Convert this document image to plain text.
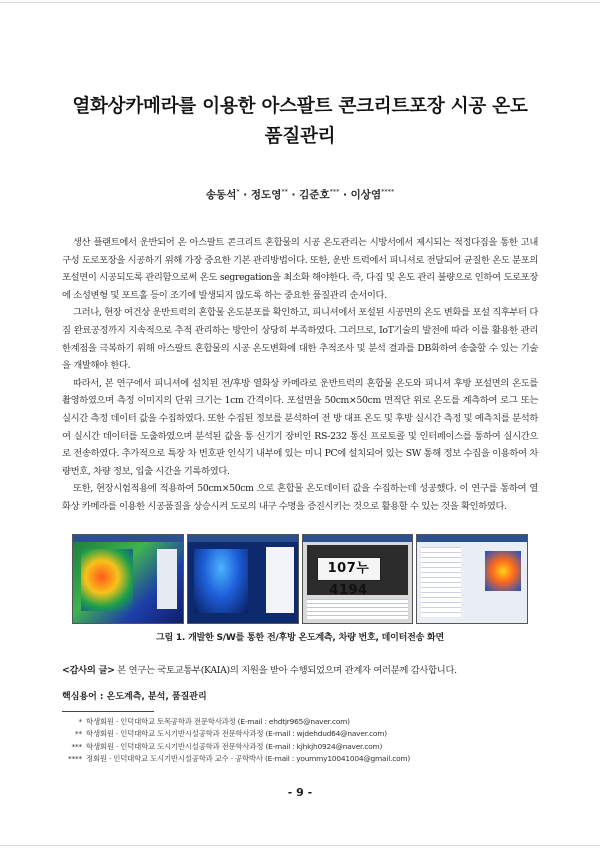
열화상카메라를 이용한 아스팔트 콘크리트포장 시공 온도
품질관리
송동석* · 정도영** · 김준호*** · 이상염****

생산 플랜트에서 운반되어 온 아스팔트 콘크리트 혼합물의 시공 온도관리는 시방서에서 제시되는 적정다짐을 통한 고내구성 도로포장을 시공하기 위해 가장 중요한 기본 관리방법이다. 또한, 운반 트럭에서 피니셔로 전달되어 균질한 온도 분포의 포설면이 시공되도록 관리함으로써 온도 segregation을 최소화 해야한다. 즉, 다짐 및 온도 관리 불량으로 인하여 도로포장에 소성변형 및 포트홀 등이 조기에 발생되지 않도록 하는 중요한 품질관리 순서이다.

그러나, 현장 여건상 운반트럭의 혼합물 온도분포를 확인하고, 피니셔에서 포설된 시공면의 온도 변화를 포설 직후부터 다짐 완료공정까지 지속적으로 추적 관리하는 방안이 상당히 부족하였다. 그러므로, IoT기술의 발전에 따라 이를 활용한 관리 한계점을 극복하기 위해 아스팔트 혼합물의 시공 온도변화에 대한 추적조사 및 분석 결과를 DB화하여 송출할 수 있는 기술을 개발해야 한다.

따라서, 본 연구에서 피니셔에 설치된 전/후방 열화상 카메라로 운반트럭의 혼합물 온도와 피니셔 후방 포설면의 온도를 촬영하였으며 측정 이미지의 단위 크기는 1cm 간격이다. 포설면을 50cm×50cm 면적단 위로 온도를 계측하여 로그 또는 실시간 측정 데이터 값을 수집하였다. 또한 수집된 정보를 분석하여 전 방 대표 온도 및 후방 실시간 측정 및 예측치를 분석하여 실시간 데이터를 도출하였으며 분석된 값을 통 신기기 장비인 RS-232 통신 프로토콜 및 인터페이스를 통하여 실시간으로 전송하였다. 추가적으로 특장 차 번호판 인식기 내부에 있는 미니 PC에 설치되어 있는 SW 통해 정보 수집을 이용하여 차량번호, 차량 정보, 입출 시간을 기록하였다.

또한, 현장시험적용에 적용하여 50cm×50cm 으로 혼합물 온도데이터 값을 수집하는데 성공했다. 이 연구를 통하여 열화상 카메라를 이용한 시공품질을 상승시켜 도로의 내구 수명을 증진시키는 것으로 활용할 수 있는 것을 확인하였다.

107누4194
그림 1. 개발한 S/W를 통한 전/후방 온도계측, 차량 번호, 데이터전송 화면
<감사의 글> 본 연구는 국토교통부(KAIA)의 지원을 받아 수행되었으며 관계자 여러분께 감사합니다.
핵심용어 : 온도계측, 분석, 품질관리
* 학생회원 · 인덕대학교 토목공학과 전문학사과정 (E-mail : ehdtjr965@naver.com)
** 학생회원 · 인덕대학교 도시기반시설공학과 전문학사과정 (E-mail : wjdehdud64@naver.com)
*** 학생회원 · 인덕대학교 도시기반시설공학과 전문학사과정 (E-mail : kjhkjh0924@naver.com)
**** 정회원 · 인덕대학교 도시기반시설공학과 교수 · 공학박사 (E-mail : yoummy10041004@gmail.com)
- 9 -
